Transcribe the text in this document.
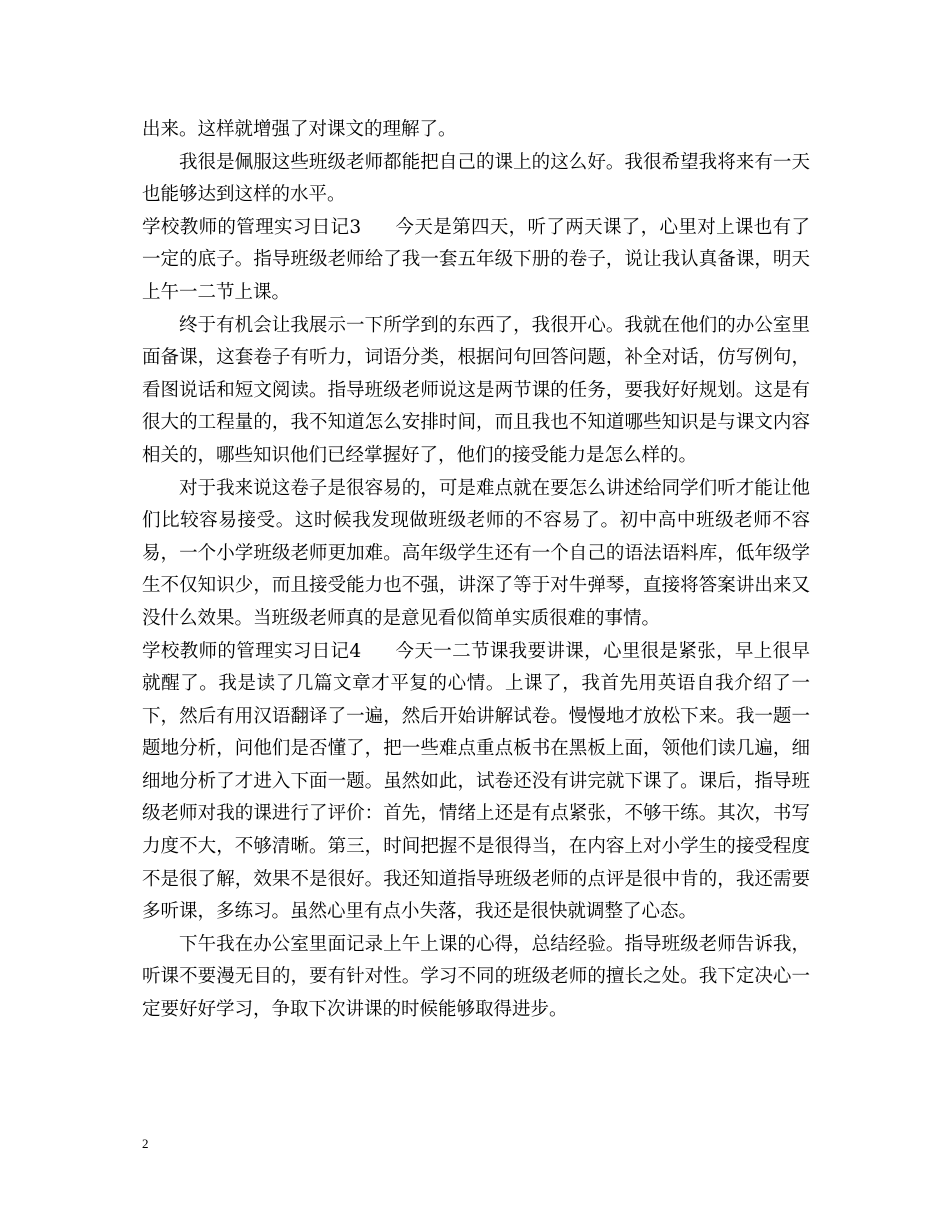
出来。这样就增强了对课文的理解了。

我很是佩服这些班级老师都能把自己的课上的这么好。我很希望我将来有一天也能够达到这样的水平。

学校教师的管理实习日记3 今天是第四天，听了两天课了，心里对上课也有了一定的底子。指导班级老师给了我一套五年级下册的卷子，说让我认真备课，明天上午一二节上课。

终于有机会让我展示一下所学到的东西了，我很开心。我就在他们的办公室里面备课，这套卷子有听力，词语分类，根据问句回答问题，补全对话，仿写例句，看图说话和短文阅读。指导班级老师说这是两节课的任务，要我好好规划。这是有很大的工程量的，我不知道怎么安排时间，而且我也不知道哪些知识是与课文内容相关的，哪些知识他们已经掌握好了，他们的接受能力是怎么样的。

对于我来说这卷子是很容易的，可是难点就在要怎么讲述给同学们听才能让他们比较容易接受。这时候我发现做班级老师的不容易了。初中高中班级老师不容易，一个小学班级老师更加难。高年级学生还有一个自己的语法语料库，低年级学生不仅知识少，而且接受能力也不强，讲深了等于对牛弹琴，直接将答案讲出来又没什么效果。当班级老师真的是意见看似简单实质很难的事情。

学校教师的管理实习日记4 今天一二节课我要讲课，心里很是紧张，早上很早就醒了。我是读了几篇文章才平复的心情。上课了，我首先用英语自我介绍了一下，然后有用汉语翻译了一遍，然后开始讲解试卷。慢慢地才放松下来。我一题一题地分析，问他们是否懂了，把一些难点重点板书在黑板上面，领他们读几遍，细细地分析了才进入下面一题。虽然如此，试卷还没有讲完就下课了。课后，指导班级老师对我的课进行了评价：首先，情绪上还是有点紧张，不够干练。其次，书写力度不大，不够清晰。第三，时间把握不是很得当，在内容上对小学生的接受程度不是很了解，效果不是很好。我还知道指导班级老师的点评是很中肯的，我还需要多听课，多练习。虽然心里有点小失落，我还是很快就调整了心态。

下午我在办公室里面记录上午上课的心得，总结经验。指导班级老师告诉我，听课不要漫无目的，要有针对性。学习不同的班级老师的擅长之处。我下定决心一定要好好学习，争取下次讲课的时候能够取得进步。

2
